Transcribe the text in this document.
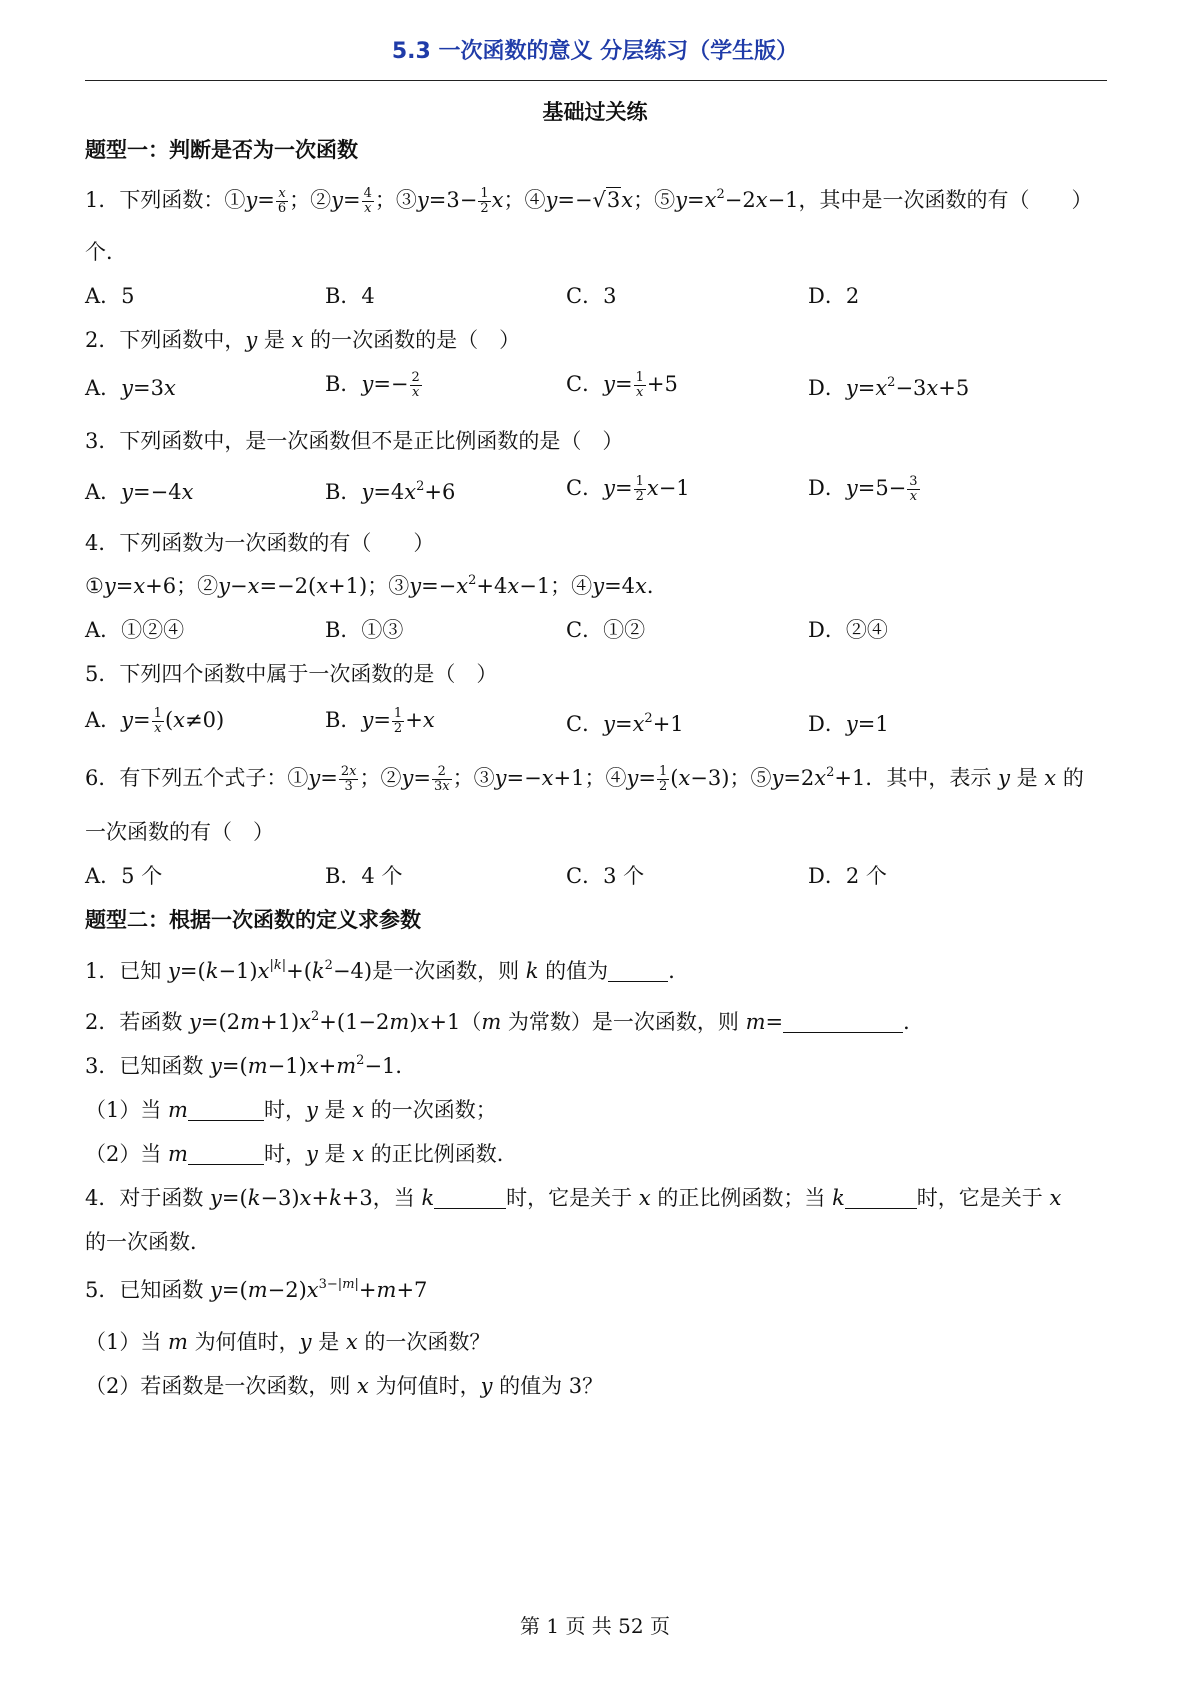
5.3 一次函数的意义 分层练习（学生版）
基础过关练
题型一：判断是否为一次函数
1．下列函数：①y= $\frac{x}{6}$ ；②y= $\frac{4}{x}$ ；③y=3− $\frac{1}{2}$ x；④y=−√3x；$⑤y=x^2-2x-1$，其中是一次函数的有（　　）
个．
A．5	B．4	C．3	D．2
2．下列函数中，y 是 x 的一次函数的是（　）
A．y=3x	B．$y=- \frac{2}{x}$	C．$y= \frac{1}{x} +5$	D．$y=x^2-3x+5$
3．下列函数中，是一次函数但不是正比例函数的是（　）
A．y=−4x	B．$y=4x^2+6$	C．$y= \frac{1}{2} x-1$	D．$y=5- \frac{3}{x}$
4．下列函数为一次函数的有（　　）
①y=x+6；②y−x=−2(x+1)；$③y=-x^2+4x-1$；④y=4x．
A．①②④	B．①③	C．①②	D．②④
5．下列四个函数中属于一次函数的是（　）
A．$y= \frac{1}{x} (x\ne 0)$	B．$y= \frac{1}{2} +x$	C．$y=x^2+1$	D．y=1
6．有下列五个式子：①y= $\frac{2x}{3}$ ；②y= $\frac{2}{3x}$ ；③y=−x+1；④y= $\frac{1}{2} (x-3)$；$⑤y=2x^2+1$．其中，表示 y 是 x 的
一次函数的有（　）
A．5 个	B．4 个	C．3 个	D．2 个
题型二：根据一次函数的定义求参数
1．已知 $y=(k-1)x^{|k|}+(k^2-4)$是一次函数，则 k 的值为	．
2．若函数 $y=(2m+1)x^2+(1-2m)x+1(m$ 为常数）是一次函数，则 m=	．
3．已知函数 $y=(m-1)x+m^2-1$．
（1）当 m	时，y 是 x 的一次函数；
（2）当 m	时，y 是 x 的正比例函数．
4．对于函数 y=(k−3)x+k+3，当 k	时，它是关于 x 的正比例函数；当 k	时，它是关于 x
的一次函数．
5．已知函数 $y=(m-2)x^{3-|m|}+m+7$
（1）当 m 为何值时，y 是 x 的一次函数？
（2）若函数是一次函数，则 x 为何值时，y 的值为 3？
第 1 页 共 52 页
